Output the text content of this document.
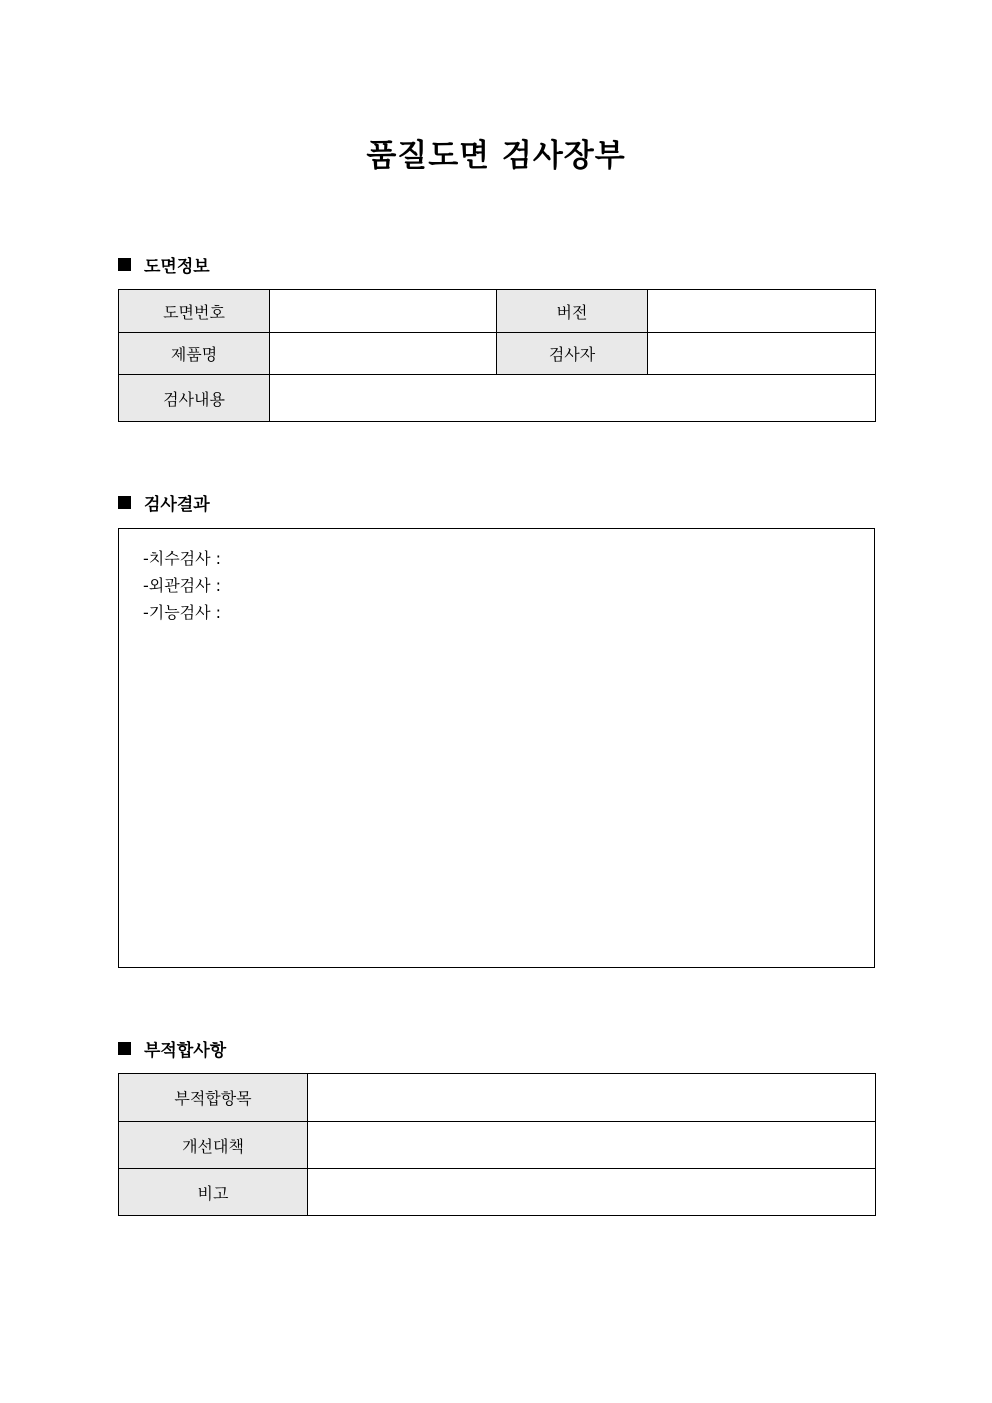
품질도면 검사장부
도면정보
도면번호		버전	
제품명		검사자	
검사내용			
검사결과
-치수검사 :
-외관검사 :
-기능검사 :
부적합사항
부적합항목	
개선대책	
비고	
